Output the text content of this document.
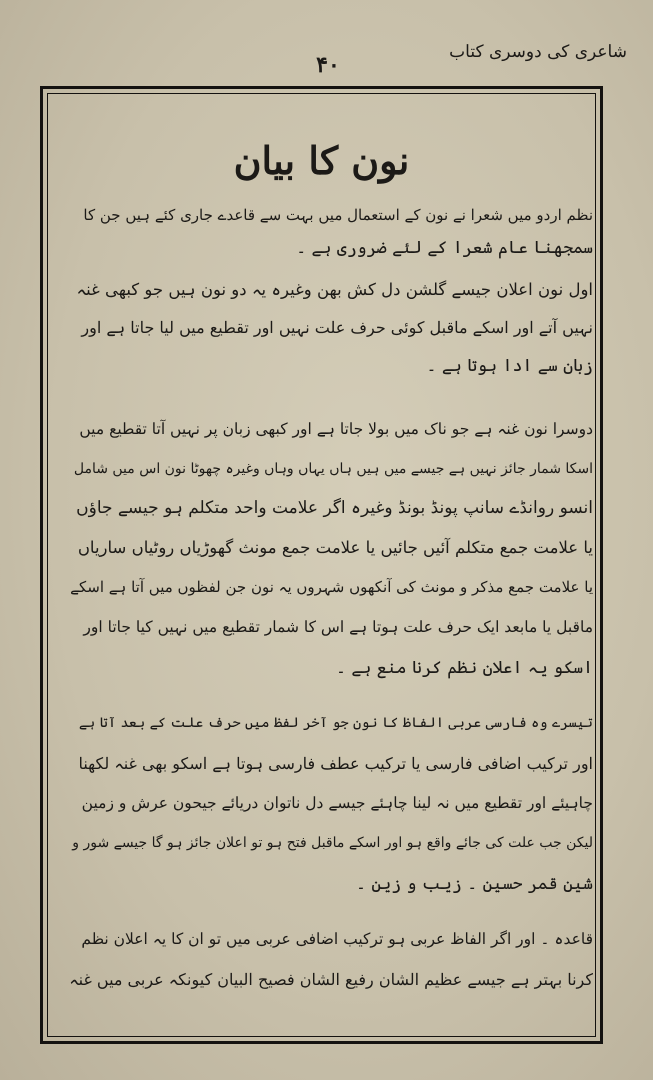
شاعری کی دوسری کتاب
۴۰
نون کا بیان
نظم اردو میں شعرا نے نون کے استعمال میں بہت سے قاعدے جاری کئے ہیں جن کا
سمجھنا عام شعرا کے لئے ضروری ہے ۔
اول نون اعلان جیسے گلشن دل کش بھن وغیرہ یہ دو نون ہیں جو کبھی غنہ
نہیں آتے اور اسکے ماقبل کوئی حرف علت نہیں اور تقطیع میں لیا جاتا ہے اور
زبان سے ادا ہوتا ہے ۔
دوسرا نون غنہ ہے جو ناک میں بولا جاتا ہے اور کبھی زبان پر نہیں آتا تقطیع میں
اسکا شمار جائز نہیں ہے جیسے میں ہیں ہاں یہاں وہاں وغیرہ چھوٹا نون اس میں شامل
انسو روانڈے سانپ پونڈ بونڈ وغیرہ اگر علامت واحد متکلم ہو جیسے جاؤں
یا علامت جمع متکلم آئیں جائیں یا علامت جمع مونث گھوڑیاں روٹیاں ساریاں
یا علامت جمع مذکر و مونث کی آنکھوں شہروں یہ نون جن لفظوں میں آتا ہے اسکے
ماقبل یا مابعد ایک حرف علت ہوتا ہے اس کا شمار تقطیع میں نہیں کیا جاتا اور
اسکو یہ اعلان نظم کرنا منع ہے ۔
تیسرے وہ فارسی عربی الفاظ کا نون جو آخر لفظ میں حرف علت کے بعد آتا ہے
اور ترکیب اضافی فارسی یا ترکیب عطف فارسی ہوتا ہے اسکو بھی غنہ لکھنا
چاہیئے اور تقطیع میں نہ لینا چاہئے جیسے دل ناتوان دریائے جیحون عرش و زمین
لیکن جب علت کی جائے واقع ہو اور اسکے ماقبل فتح ہو تو اعلان جائز ہو گا جیسے شور و
شین قمر حسین ۔ زیب و زین ۔
قاعدہ ۔ اور اگر الفاظ عربی ہو ترکیب اضافی عربی میں تو ان کا یہ اعلان نظم
کرنا بہتر ہے جیسے عظیم الشان رفیع الشان فصیح البیان کیونکہ عربی میں غنہ
